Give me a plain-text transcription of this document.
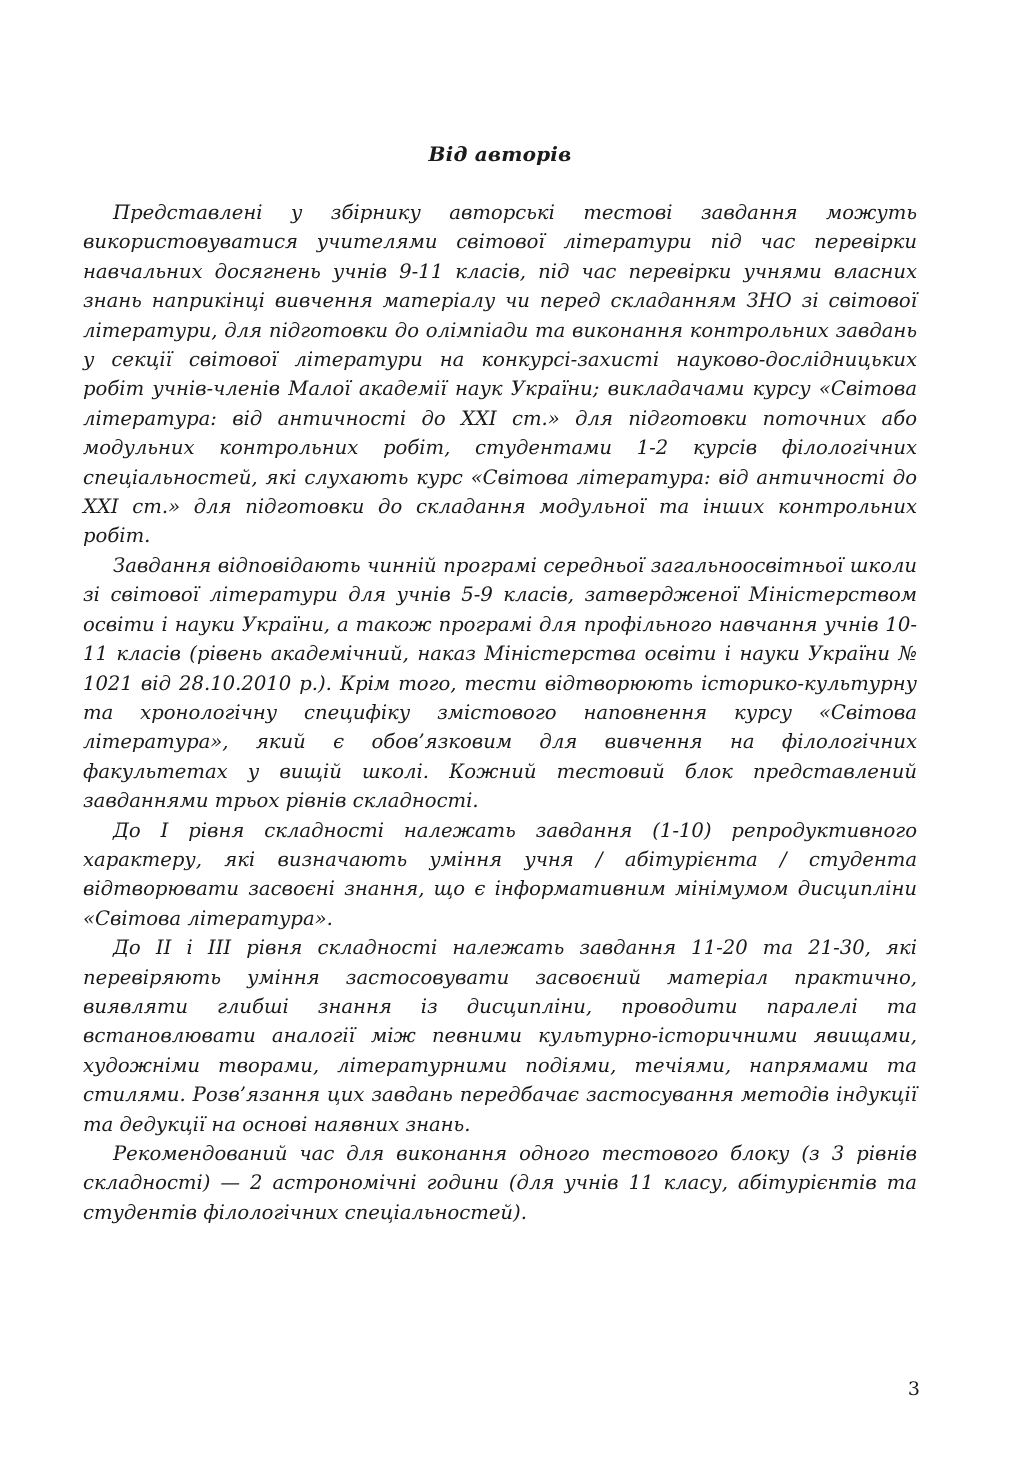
Від авторів

Представлені у збірнику авторські тестові завдання можуть використовуватися учителями світової літератури під час перевірки навчальних досягнень учнів 9-11 класів, під час перевірки учнями власних знань наприкінці вивчення матеріалу чи перед складанням ЗНО зі світової літератури, для підготовки до олімпіади та виконання контрольних завдань у секції світової літератури на конкурсі-захисті науково-дослідницьких робіт учнів-членів Малої академії наук України; викладачами курсу «Світова література: від античності до XXI ст.» для підготовки поточних або модульних контрольних робіт, студентами 1-2 курсів філологічних спеціальностей, які слухають курс «Світова література: від античності до XXI ст.» для підготовки до складання модульної та інших контрольних робіт.

Завдання відповідають чинній програмі середньої загальноосвітньої школи зі світової літератури для учнів 5-9 класів, затвердженої Міністерством освіти і науки України, а також програмі для профільного навчання учнів 10-11 класів (рівень академічний, наказ Міністерства освіти і науки України № 1021 від 28.10.2010 р.). Крім того, тести відтворюють історико-культурну та хронологічну специфіку змістового наповнення курсу «Світова література», який є обов’язковим для вивчення на філологічних факультетах у вищій школі. Кожний тестовий блок представлений завданнями трьох рівнів складності.

До I рівня складності належать завдання (1-10) репродуктивного характеру, які визначають уміння учня / абітурієнта / студента відтворювати засвоєні знання, що є інформативним мінімумом дисципліни «Світова література».

До II і III рівня складності належать завдання 11-20 та 21-30, які перевіряють уміння застосовувати засвоєний матеріал практично, виявляти глибші знання із дисципліни, проводити паралелі та встановлювати аналогії між певними культурно-історичними явищами, художніми творами, літературними подіями, течіями, напрямами та стилями. Розв’язання цих завдань передбачає застосування методів індукції та дедукції на основі наявних знань.

Рекомендований час для виконання одного тестового блоку (з 3 рівнів складності) — 2 астрономічні години (для учнів 11 класу, абітурієнтів та студентів філологічних спеціальностей).

3
